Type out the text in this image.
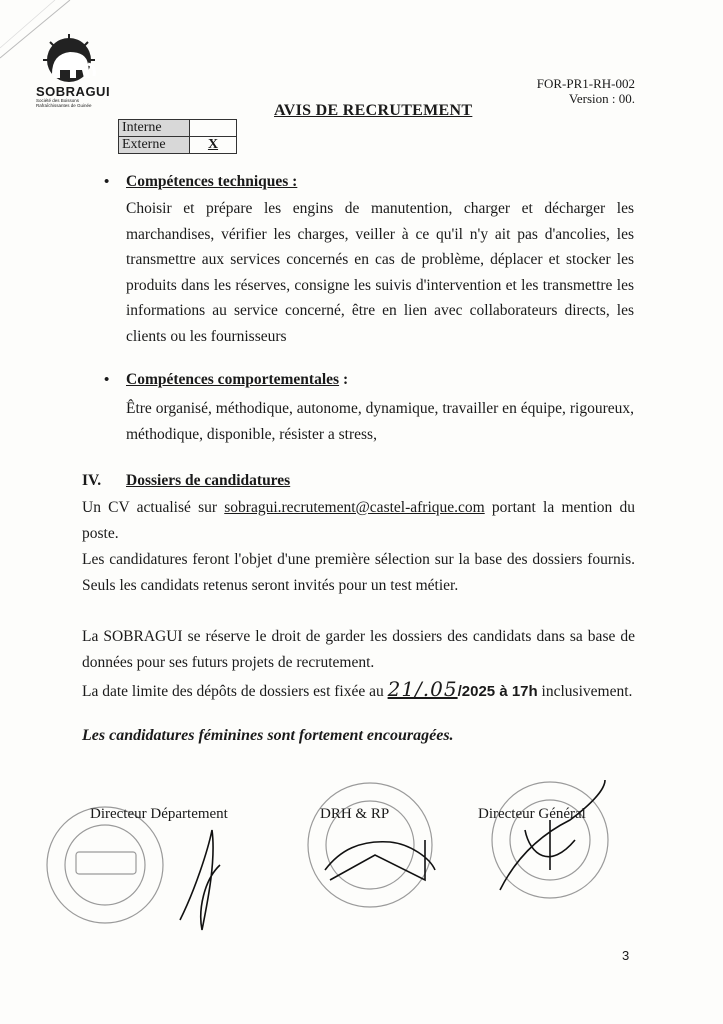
SOBRAGUI
Société des Boissons Rafraîchissantes de Guinée
FOR-PR1-RH-002
Version : 00.
AVIS DE RECRUTEMENT
Interne	
Externe	X
• Compétences techniques :
Choisir et prépare les engins de manutention, charger et décharger les marchandises, vérifier les charges, veiller à ce qu'il n'y ait pas d'ancolies, les transmettre aux services concernés en cas de problème, déplacer et stocker les produits dans les réserves, consigne les suivis d'intervention et les transmettre les informations au service concerné, être en lien avec collaborateurs directs, les clients ou les fournisseurs
• Compétences comportementales :
Être organisé, méthodique, autonome, dynamique, travailler en équipe, rigoureux, méthodique, disponible, résister a stress,
IV. Dossiers de candidatures
Un CV actualisé sur sobragui.recrutement@castel-afrique.com portant la mention du poste.
Les candidatures feront l'objet d'une première sélection sur la base des dossiers fournis. Seuls les candidats retenus seront invités pour un test métier.
La SOBRAGUI se réserve le droit de garder les dossiers des candidats dans sa base de données pour ses futurs projets de recrutement.
La date limite des dépôts de dossiers est fixée au 21/.05/2025 à 17h inclusivement.
Les candidatures féminines sont fortement encouragées.
Directeur Département	DRH & RP	Directeur Général
3
